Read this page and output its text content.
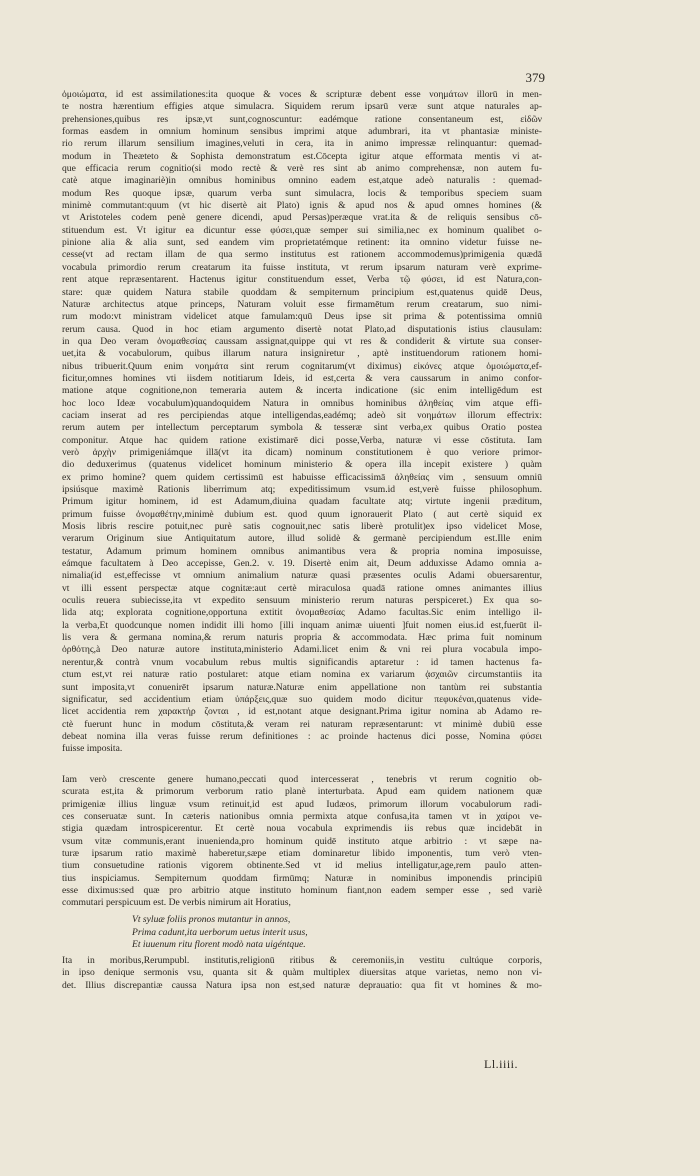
379
ὁμοιώματα, id est assimilationes:ita quoque & voces & scripturæ debent esse νοημάτων illorū in men-
te nostra hærentium effigies atque simulacra. Siquidem rerum ipsarū veræ sunt atque naturales ap-
prehensiones,quibus res ipsæ,vt sunt,cognoscuntur: eadémque ratione consentaneum est, εἰδῶν
formas easdem in omnium hominum sensibus imprimi atque adumbrari, ita vt phantasiæ ministe-
rio rerum illarum sensilium imagines,veluti in cera, ita in animo impressæ relinquantur: quemad-
modum in Theæteto & Sophista demonstratum est.Cōcepta igitur atque efformata mentis vi at-
que efficacia rerum cognitio(si modo rectè & verè res sint ab animo comprehensæ, non autem fu-
catè atque imaginariè)in omnibus hominibus omnino eadem est,atque adeò naturalis : quemad-
modum Res quoque ipsæ, quarum verba sunt simulacra, locis & temporibus speciem suam
minimè commutant:quum (vt hic disertè ait Plato) ignis & apud nos & apud omnes homines (&
vt Aristoteles codem penè genere dicendi, apud Persas)peræque vrat.ita & de reliquis sensibus cō-
stituendum est. Vt igitur ea dicuntur esse φύσει,quæ semper sui similia,nec ex hominum qualibet o-
pinione alia & alia sunt, sed eandem vim proprietatémque retinent: ita omnino videtur fuisse ne-
cesse(vt ad rectam illam de qua sermo institutus est rationem accommodemus)primigenia quædā
vocabula primordio rerum creatarum ita fuisse instituta, vt rerum ipsarum naturam verè exprime-
rent atque repræsentarent. Hactenus igitur constituendum esset, Verba τῷ φύσει, id est Natura,con-
stare: quæ quidem Natura stabile quoddam & sempiternum principium est,quatenus quidē Deus,
Naturæ architectus atque princeps, Naturam voluit esse firmamētum rerum creatarum, suo nimi-
rum modo:vt ministram videlicet atque famulam:quū Deus ipse sit prima & potentissima omniū
rerum causa. Quod in hoc etiam argumento disertè notat Plato,ad disputationis istius clausulam:
in qua Deo veram ὀνομαθεσίας caussam assignat,quippe qui vt res & condiderit & virtute sua conser-
uet,ita & vocabulorum, quibus illarum natura insigniretur , aptè instituendorum rationem homi-
nibus tribuerit.Quum enim νοημάτα sint rerum cognitarum(vt diximus) εἰκόνες atque ὁμοιώματα,ef-
ficitur,omnes homines vti iisdem notitiarum Ideis, id est,certa & vera caussarum in animo confor-
matione atque cognitione,non temeraria autem & incerta indicatione (sic enim intelligēdum est
hoc loco Ideæ vocabulum)quandoquidem Natura in omnibus hominibus ἀληθείας vim atque effi-
caciam inserat ad res percipiendas atque intelligendas,eadémq; adeò sit νοημάτων illorum effectrix:
rerum autem per intellectum perceptarum symbola & tesseræ sint verba,ex quibus Oratio postea
componitur. Atque hac quidem ratione existimarē dici posse,Verba, naturæ vi esse cōstituta. Iam
verò ἀρχὴν primigeniámque illā(vt ita dicam) nominum constitutionem è quo veriore primor-
dio deduxerimus (quatenus videlicet hominum ministerio & opera illa incepit existere ) quàm
ex primo homine? quem quidem certissimū est habuisse efficacissimā ἀληθείας vim , sensuum omniū
ipsiúsque maximè Rationis liberrimum atq; expeditissimum vsum.id est,verè fuisse philosophum.
Primum igitur hominem, id est Adamum,diuina quadam facultate atq; virtute ingenii præditum,
primum fuisse ὀνομαθέτην,minimè dubium est. quod quum ignorauerit Plato ( aut certè siquid ex
Mosis libris rescire potuit,nec purè satis cognouit,nec satis liberè protulit)ex ipso videlicet Mose,
verarum Originum siue Antiquitatum autore, illud solidè & germanè percipiendum est.Ille enim
testatur, Adamum primum hominem omnibus animantibus vera & propria nomina imposuisse,
eámque facultatem à Deo accepisse, Gen.2. v. 19. Disertè enim ait, Deum adduxisse Adamo omnia a-
nimalia(id est,effecisse vt omnium animalium naturæ quasi præsentes oculis Adami obuersarentur,
vt illi essent perspectæ atque cognitæ:aut certè miraculosa quadā ratione omnes animantes illius
oculis reuera subiecisse,ita vt expedito sensuum ministerio rerum naturas perspiceret.) Ex qua so-
lida atq; explorata cognitione,opportuna extitit ὀνομαθεσίας Adamo facultas.Sic enim intelligo il-
la verba,Et quodcunque nomen indidit illi homo [illi inquam animæ uiuenti ]fuit nomen eius.id est,fuerūt il-
lis vera & germana nomina,& rerum naturis propria & accommodata. Hæc prima fuit nominum
ὀρθότης,à Deo naturæ autore instituta,ministerio Adami.licet enim & vni rei plura vocabula impo-
nerentur,& contrà vnum vocabulum rebus multis significandis aptaretur : id tamen hactenus fa-
ctum est,vt rei naturæ ratio postularet: atque etiam nomina ex variarum ᾀσχαιῶν circumstantiis ita
sunt imposita,vt conuenirēt ipsarum naturæ.Naturæ enim appellatione non tantùm rei substantia
significatur, sed accidentium etiam ὑπάρξεις,quæ suo quidem modo dicitur πεφυκέναι,quatenus vide-
licet accidentia rem χαρακτήρ ζονται , id est,notant atque designant.Prima igitur nomina ab Adamo re-
ctè fuerunt hunc in modum cōstituta,& veram rei naturam repræsentarunt: vt minimè dubiū esse
debeat nomina illa veras fuisse rerum definitiones : ac proinde hactenus dici posse, Nomina φύσει
fuisse imposita.
Iam verò crescente genere humano,peccati quod intercesserat , tenebris vt rerum cognitio ob-
scurata est,ita & primorum verborum ratio planè interturbata. Apud eam quidem nationem quæ
primigeniæ illius linguæ vsum retinuit,id est apud Iudæos, primorum illorum vocabulorum radi-
ces conseruatæ sunt. In cæteris nationibus omnia permixta atque confusa,ita tamen vt in χαίροι ve-
stigia quædam introspicerentur. Et certè noua vocabula exprimendis iis rebus quæ incidebāt in
vsum vitæ communis,erant inuenienda,pro hominum quidē instituto atque arbitrio : vt sæpe na-
turæ ipsarum ratio maximè haberetur,sæpe etiam dominaretur libido imponentis, tum verò vten-
tium consuetudine rationis vigorem obtinente.Sed vt id melius intelligatur,age,rem paulo atten-
tius inspiciamus. Sempiternum quoddam firmūmq; Naturæ in nominibus imponendis principiū
esse diximus:sed quæ pro arbitrio atque instituto hominum fiant,non eadem semper esse , sed variè
commutari perspicuum est. De verbis nimirum ait Horatius,
Vt syluæ foliis pronos mutantur in annos,
Prima cadunt,ita uerborum uetus interit usus,
Et iuuenum ritu florent modò nata uigéntque.
Ita in moribus,Rerumpubl. institutis,religionū ritibus & ceremoniis,in vestitu cultúque corporis,
in ipso denique sermonis vsu, quanta sit & quàm multiplex diuersitas atque varietas, nemo non vi-
det. Illius discrepantiæ caussa Natura ipsa non est,sed naturæ deprauatio: qua fit vt homines & mo-
Ll.iiii.
